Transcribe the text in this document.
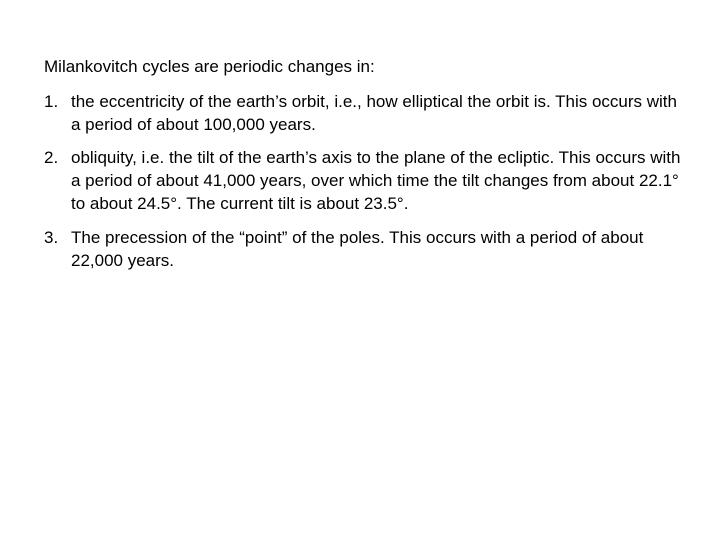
Milankovitch cycles are periodic changes in:

1. the eccentricity of the earth’s orbit, i.e., how elliptical the orbit is. This occurs with a period of about 100,000 years.
2. obliquity, i.e. the tilt of the earth’s axis to the plane of the ecliptic. This occurs with a period of about 41,000 years, over which time the tilt changes from about 22.1° to about 24.5°. The current tilt is about 23.5°.
3. The precession of the “point” of the poles. This occurs with a period of about 22,000 years.
